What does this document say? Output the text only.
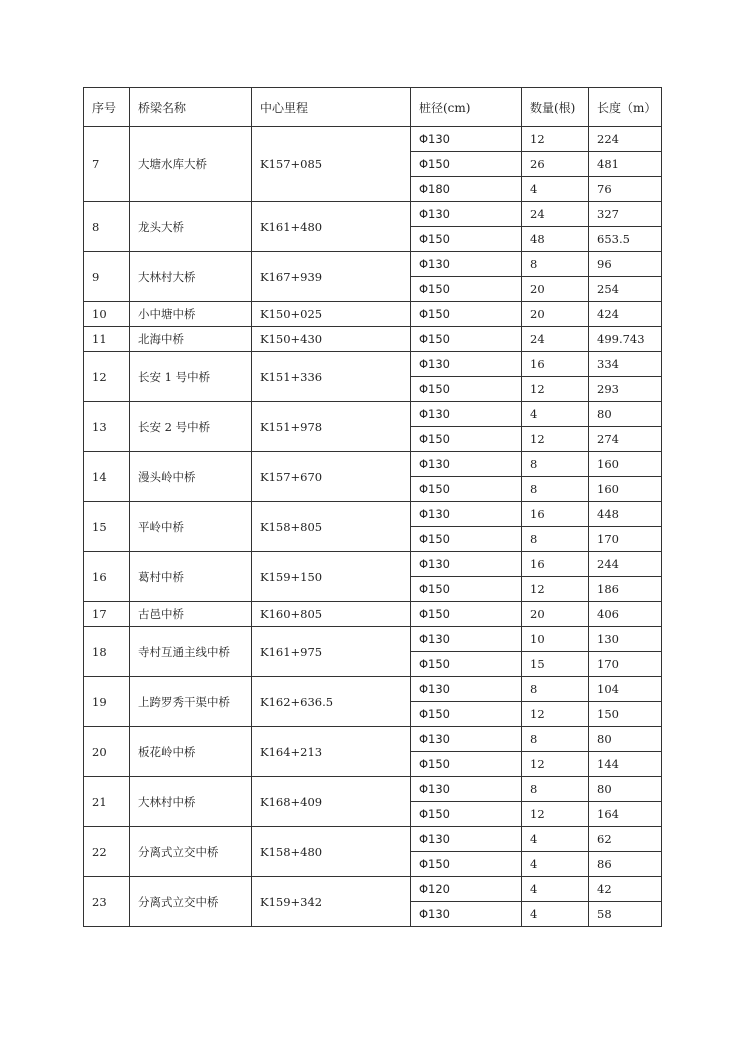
序号	桥梁名称	中心里程	桩径(cm)	数量(根)	长度（m）
7	大塘水库大桥	K157+085	Φ130	12	224
			Φ150	26	481
			Φ180	4	76
8	龙头大桥	K161+480	Φ130	24	327
			Φ150	48	653.5
9	大林村大桥	K167+939	Φ130	8	96
			Φ150	20	254
10	小中塘中桥	K150+025	Φ150	20	424
11	北海中桥	K150+430	Φ150	24	499.743
12	长安 1 号中桥	K151+336	Φ130	16	334
			Φ150	12	293
13	长安 2 号中桥	K151+978	Φ130	4	80
			Φ150	12	274
14	漫头岭中桥	K157+670	Φ130	8	160
			Φ150	8	160
15	平岭中桥	K158+805	Φ130	16	448
			Φ150	8	170
16	葛村中桥	K159+150	Φ130	16	244
			Φ150	12	186
17	古邑中桥	K160+805	Φ150	20	406
18	寺村互通主线中桥	K161+975	Φ130	10	130
			Φ150	15	170
19	上跨罗秀干渠中桥	K162+636.5	Φ130	8	104
			Φ150	12	150
20	板花岭中桥	K164+213	Φ130	8	80
			Φ150	12	144
21	大林村中桥	K168+409	Φ130	8	80
			Φ150	12	164
22	分离式立交中桥	K158+480	Φ130	4	62
			Φ150	4	86
23	分离式立交中桥	K159+342	Φ120	4	42
			Φ130	4	58
